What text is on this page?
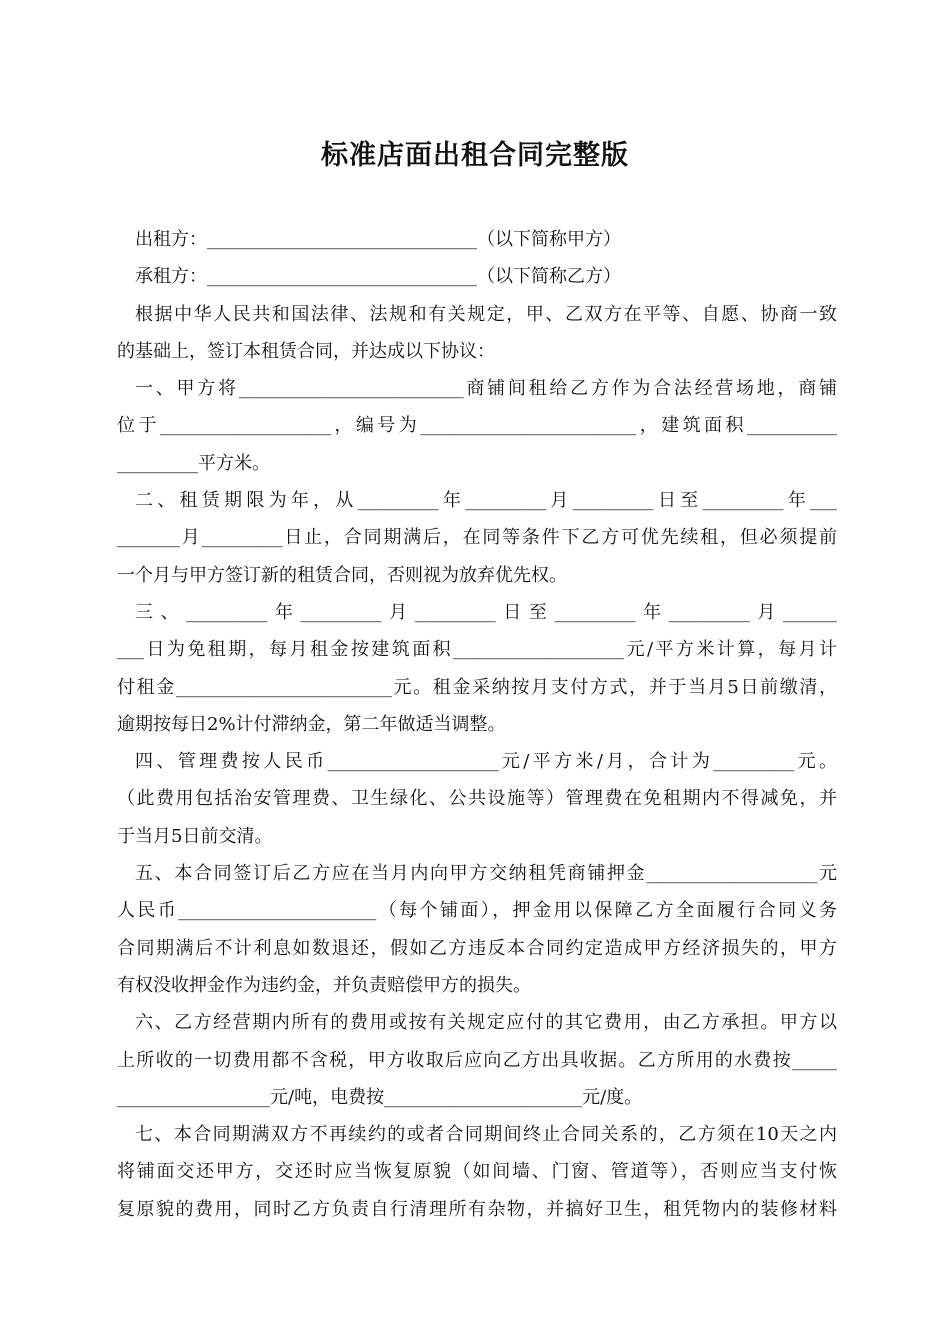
标准店面出租合同完整版
出租方：______________________________（以下简称甲方）
承租方：______________________________（以下简称乙方）
根据中华人民共和国法律、法规和有关规定，甲、乙双方在平等、自愿、协商一致
的基础上，签订本租赁合同，并达成以下协议：
一、甲方将_________________________商铺间租给乙方作为合法经营场地，商铺
位于___________________，编号为________________________，建筑面积__________
_________平方米。
二、租赁期限为年，从_________年_________月_________日至_________年___
_______月_________日止，合同期满后，在同等条件下乙方可优先续租，但必须提前
一个月与甲方签订新的租赁合同，否则视为放弃优先权。
三、_________年_________月_________日至_________年_________月______
___日为免租期，每月租金按建筑面积___________________元/平方米计算，每月计
付租金________________________元。租金采纳按月支付方式，并于当月5日前缴清，
逾期按每日2%计付滞纳金，第二年做适当调整。
四、管理费按人民币___________________元/平方米/月，合计为_________元。
（此费用包括治安管理费、卫生绿化、公共设施等）管理费在免租期内不得减免，并
于当月5日前交清。
五、本合同签订后乙方应在当月内向甲方交纳租凭商铺押金___________________元
人民币______________________（每个铺面），押金用以保障乙方全面履行合同义务
合同期满后不计利息如数退还，假如乙方违反本合同约定造成甲方经济损失的，甲方
有权没收押金作为违约金，并负责赔偿甲方的损失。
六、乙方经营期内所有的费用或按有关规定应付的其它费用，由乙方承担。甲方以
上所收的一切费用都不含税，甲方收取后应向乙方出具收据。乙方所用的水费按_____
_________________元/吨，电费按______________________元/度。
七、本合同期满双方不再续约的或者合同期间终止合同关系的，乙方须在10天之内
将铺面交还甲方，交还时应当恢复原貌（如间墙、门窗、管道等），否则应当支付恢
复原貌的费用，同时乙方负责自行清理所有杂物，并搞好卫生，租凭物内的装修材料
